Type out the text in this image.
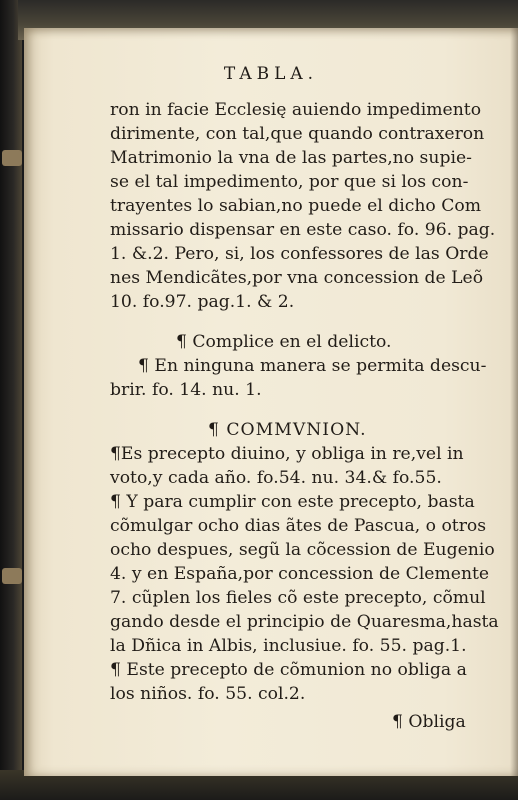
TABLA.
ron in facie Ecclesię auiendo impedimento
dirimente, con tal,que quando contraxeron
Matrimonio la vna de las partes,no supie-
se el tal impedimento, por que si los con-
trayentes lo sabian,no puede el dicho Com
missario dispensar en este caso. fo. 96. pag.
1. &.2. Pero, si, los confessores de las Orde
nes Mendicãtes,por vna concession de Leõ
10. fo.97. pag.1. & 2.
¶ Complice en el delicto.
¶ En ninguna manera se permita descu-
brir. fo. 14. nu. 1.
¶ COMMVNION.
¶Es precepto diuino, y obliga in re,vel in
voto,y cada año. fo.54. nu. 34.& fo.55.
¶ Y para cumplir con este precepto, basta
cõmulgar ocho dias ãtes de Pascua, o otros
ocho despues, segũ la cõcession de Eugenio
4. y en España,por concession de Clemente
7. cũplen los fieles cõ este precepto, cõmul
gando desde el principio de Quaresma,hasta
la Dñica in Albis, inclusiue. fo. 55. pag.1.
¶ Este precepto de cõmunion no obliga a
los niños. fo. 55. col.2.
¶ Obliga
